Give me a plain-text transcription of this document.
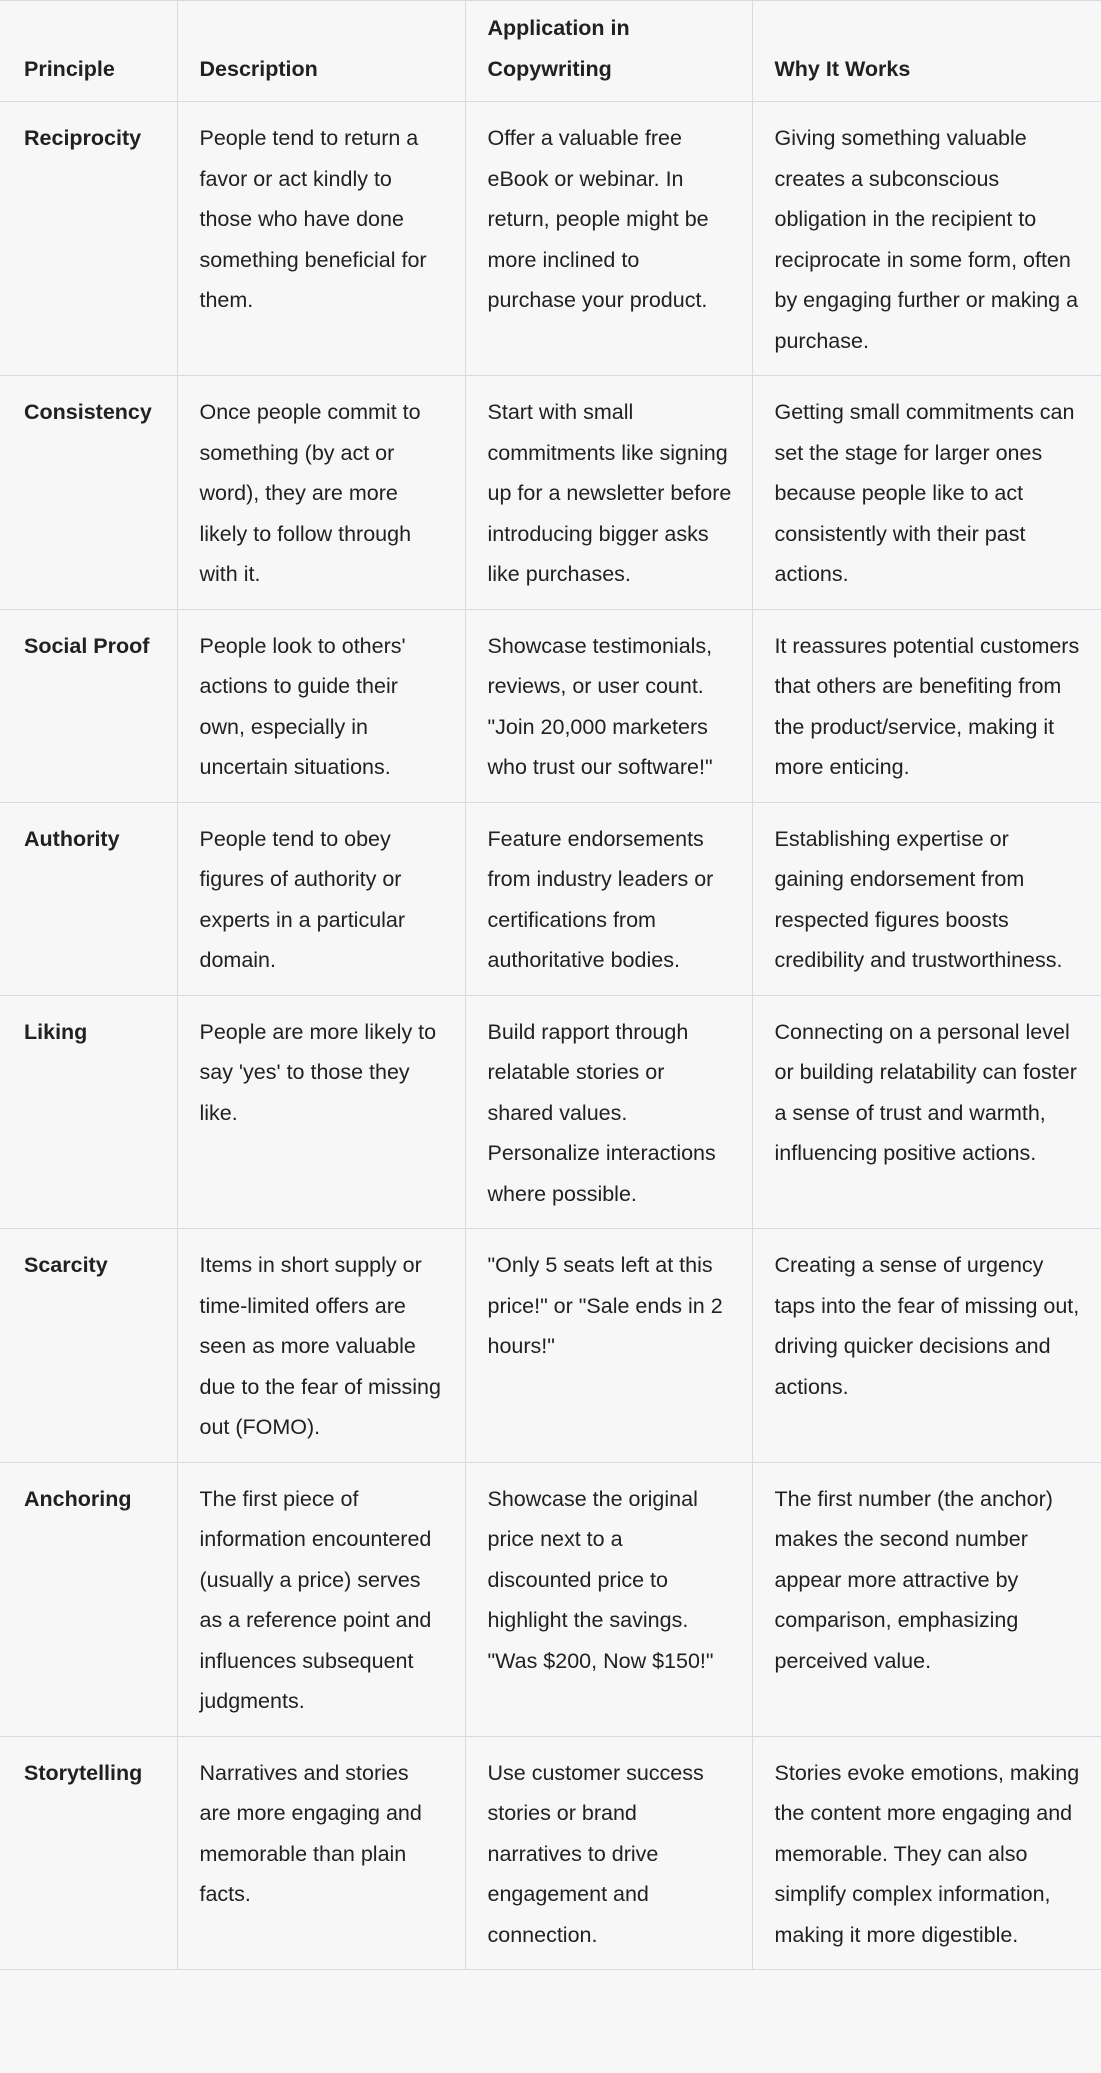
Principle	Description	Application in Copywriting	Why It Works
Reciprocity	People tend to return a favor or act kindly to those who have done something beneficial for them.	Offer a valuable free eBook or webinar. In return, people might be more inclined to purchase your product.	Giving something valuable creates a subconscious obligation in the recipient to reciprocate in some form, often by engaging further or making a purchase.
Consistency	Once people commit to something (by act or word), they are more likely to follow through with it.	Start with small commitments like signing up for a newsletter before introducing bigger asks like purchases.	Getting small commitments can set the stage for larger ones because people like to act consistently with their past actions.
Social Proof	People look to others' actions to guide their own, especially in uncertain situations.	Showcase testimonials, reviews, or user count. "Join 20,000 marketers who trust our software!"	It reassures potential customers that others are benefiting from the product/service, making it more enticing.
Authority	People tend to obey figures of authority or experts in a particular domain.	Feature endorsements from industry leaders or certifications from authoritative bodies.	Establishing expertise or gaining endorsement from respected figures boosts credibility and trustworthiness.
Liking	People are more likely to say 'yes' to those they like.	Build rapport through relatable stories or shared values. Personalize interactions where possible.	Connecting on a personal level or building relatability can foster a sense of trust and warmth, influencing positive actions.
Scarcity	Items in short supply or time-limited offers are seen as more valuable due to the fear of missing out (FOMO).	"Only 5 seats left at this price!" or "Sale ends in 2 hours!"	Creating a sense of urgency taps into the fear of missing out, driving quicker decisions and actions.
Anchoring	The first piece of information encountered (usually a price) serves as a reference point and influences subsequent judgments.	Showcase the original price next to a discounted price to highlight the savings. "Was $200, Now $150!"	The first number (the anchor) makes the second number appear more attractive by comparison, emphasizing perceived value.
Storytelling	Narratives and stories are more engaging and memorable than plain facts.	Use customer success stories or brand narratives to drive engagement and connection.	Stories evoke emotions, making the content more engaging and memorable. They can also simplify complex information, making it more digestible.
